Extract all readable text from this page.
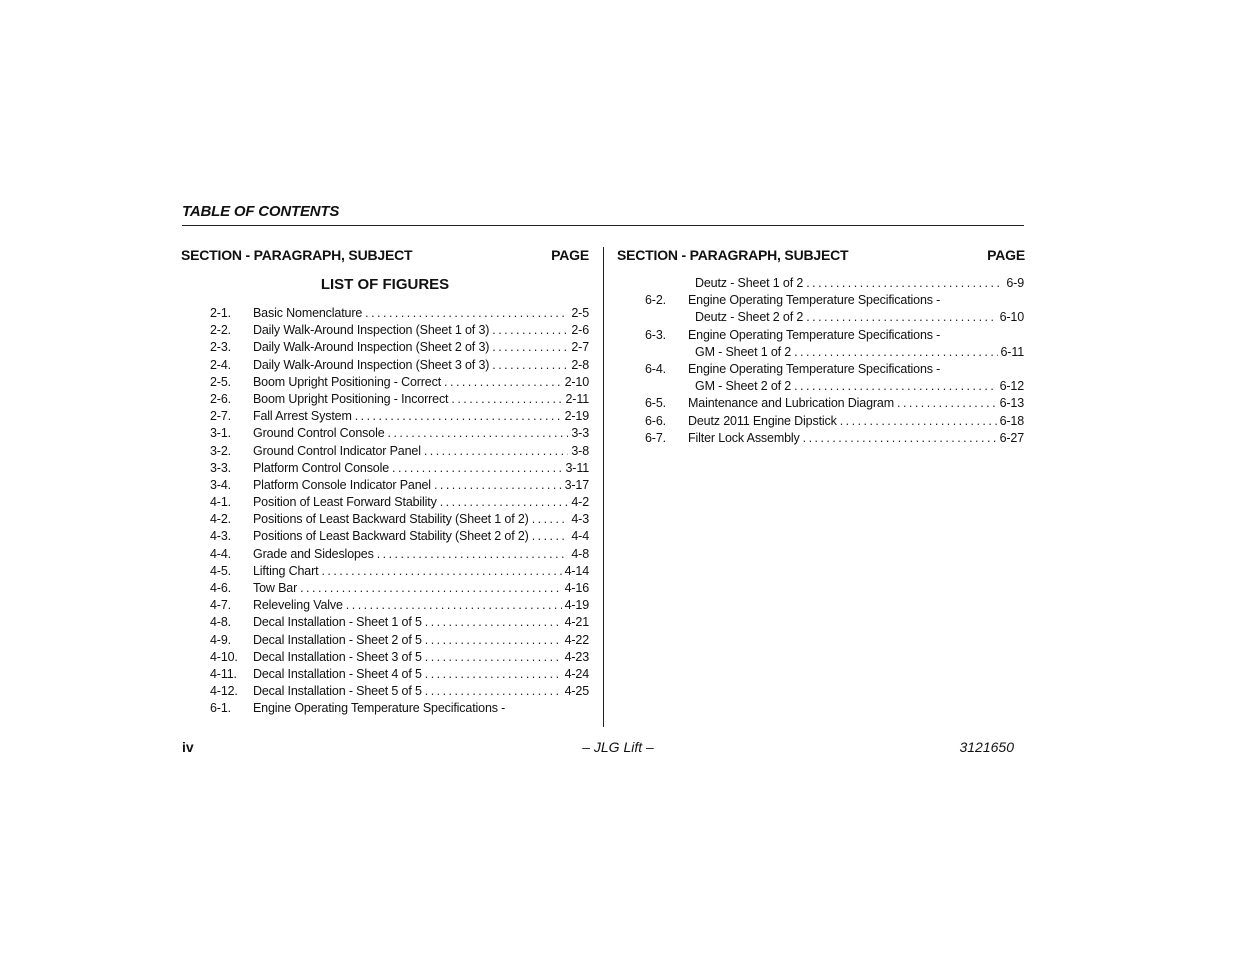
TABLE OF CONTENTS
SECTION - PARAGRAPH, SUBJECT	PAGE SECTION - PARAGRAPH, SUBJECT	PAGE
LIST OF FIGURES
2-1.	Basic Nomenclature . . .	2-5
2-2.	Daily Walk-Around Inspection (Sheet 1 of 3) . . .	2-6
2-3.	Daily Walk-Around Inspection (Sheet 2 of 3) . . .	2-7
2-4.	Daily Walk-Around Inspection (Sheet 3 of 3) . . .	2-8
2-5.	Boom Upright Positioning - Correct . . .	2-10
2-6.	Boom Upright Positioning - Incorrect . . .	2-11
2-7.	Fall Arrest System . . .	2-19
3-1.	Ground Control Console . . .	3-3
3-2.	Ground Control Indicator Panel . . .	3-8
3-3.	Platform Control Console . . .	3-11
3-4.	Platform Console Indicator Panel . . .	3-17
4-1.	Position of Least Forward Stability . . .	4-2
4-2.	Positions of Least Backward Stability (Sheet 1 of 2) . . .	4-3
4-3.	Positions of Least Backward Stability (Sheet 2 of 2) . . .	4-4
4-4.	Grade and Sideslopes . . .	4-8
4-5.	Lifting Chart . . .	4-14
4-6.	Tow Bar . . .	4-16
4-7.	Releveling Valve . . .	4-19
4-8.	Decal Installation - Sheet 1 of 5 . . .	4-21
4-9.	Decal Installation - Sheet 2 of 5 . . .	4-22
4-10.	Decal Installation - Sheet 3 of 5 . . .	4-23
4-11.	Decal Installation - Sheet 4 of 5 . . .	4-24
4-12.	Decal Installation - Sheet 5 of 5 . . .	4-25
6-1.	Engine Operating Temperature Specifications -
Deutz - Sheet 1 of 2 . . .	6-9
6-2.	Engine Operating Temperature Specifications -
Deutz - Sheet 2 of 2 . . .	6-10
6-3.	Engine Operating Temperature Specifications -
GM - Sheet 1 of 2 . . .	6-11
6-4.	Engine Operating Temperature Specifications -
GM - Sheet 2 of 2 . . .	6-12
6-5.	Maintenance and Lubrication Diagram . . .	6-13
6-6.	Deutz 2011 Engine Dipstick . . .	6-18
6-7.	Filter Lock Assembly . . .	6-27
iv	– JLG Lift –	3121650
